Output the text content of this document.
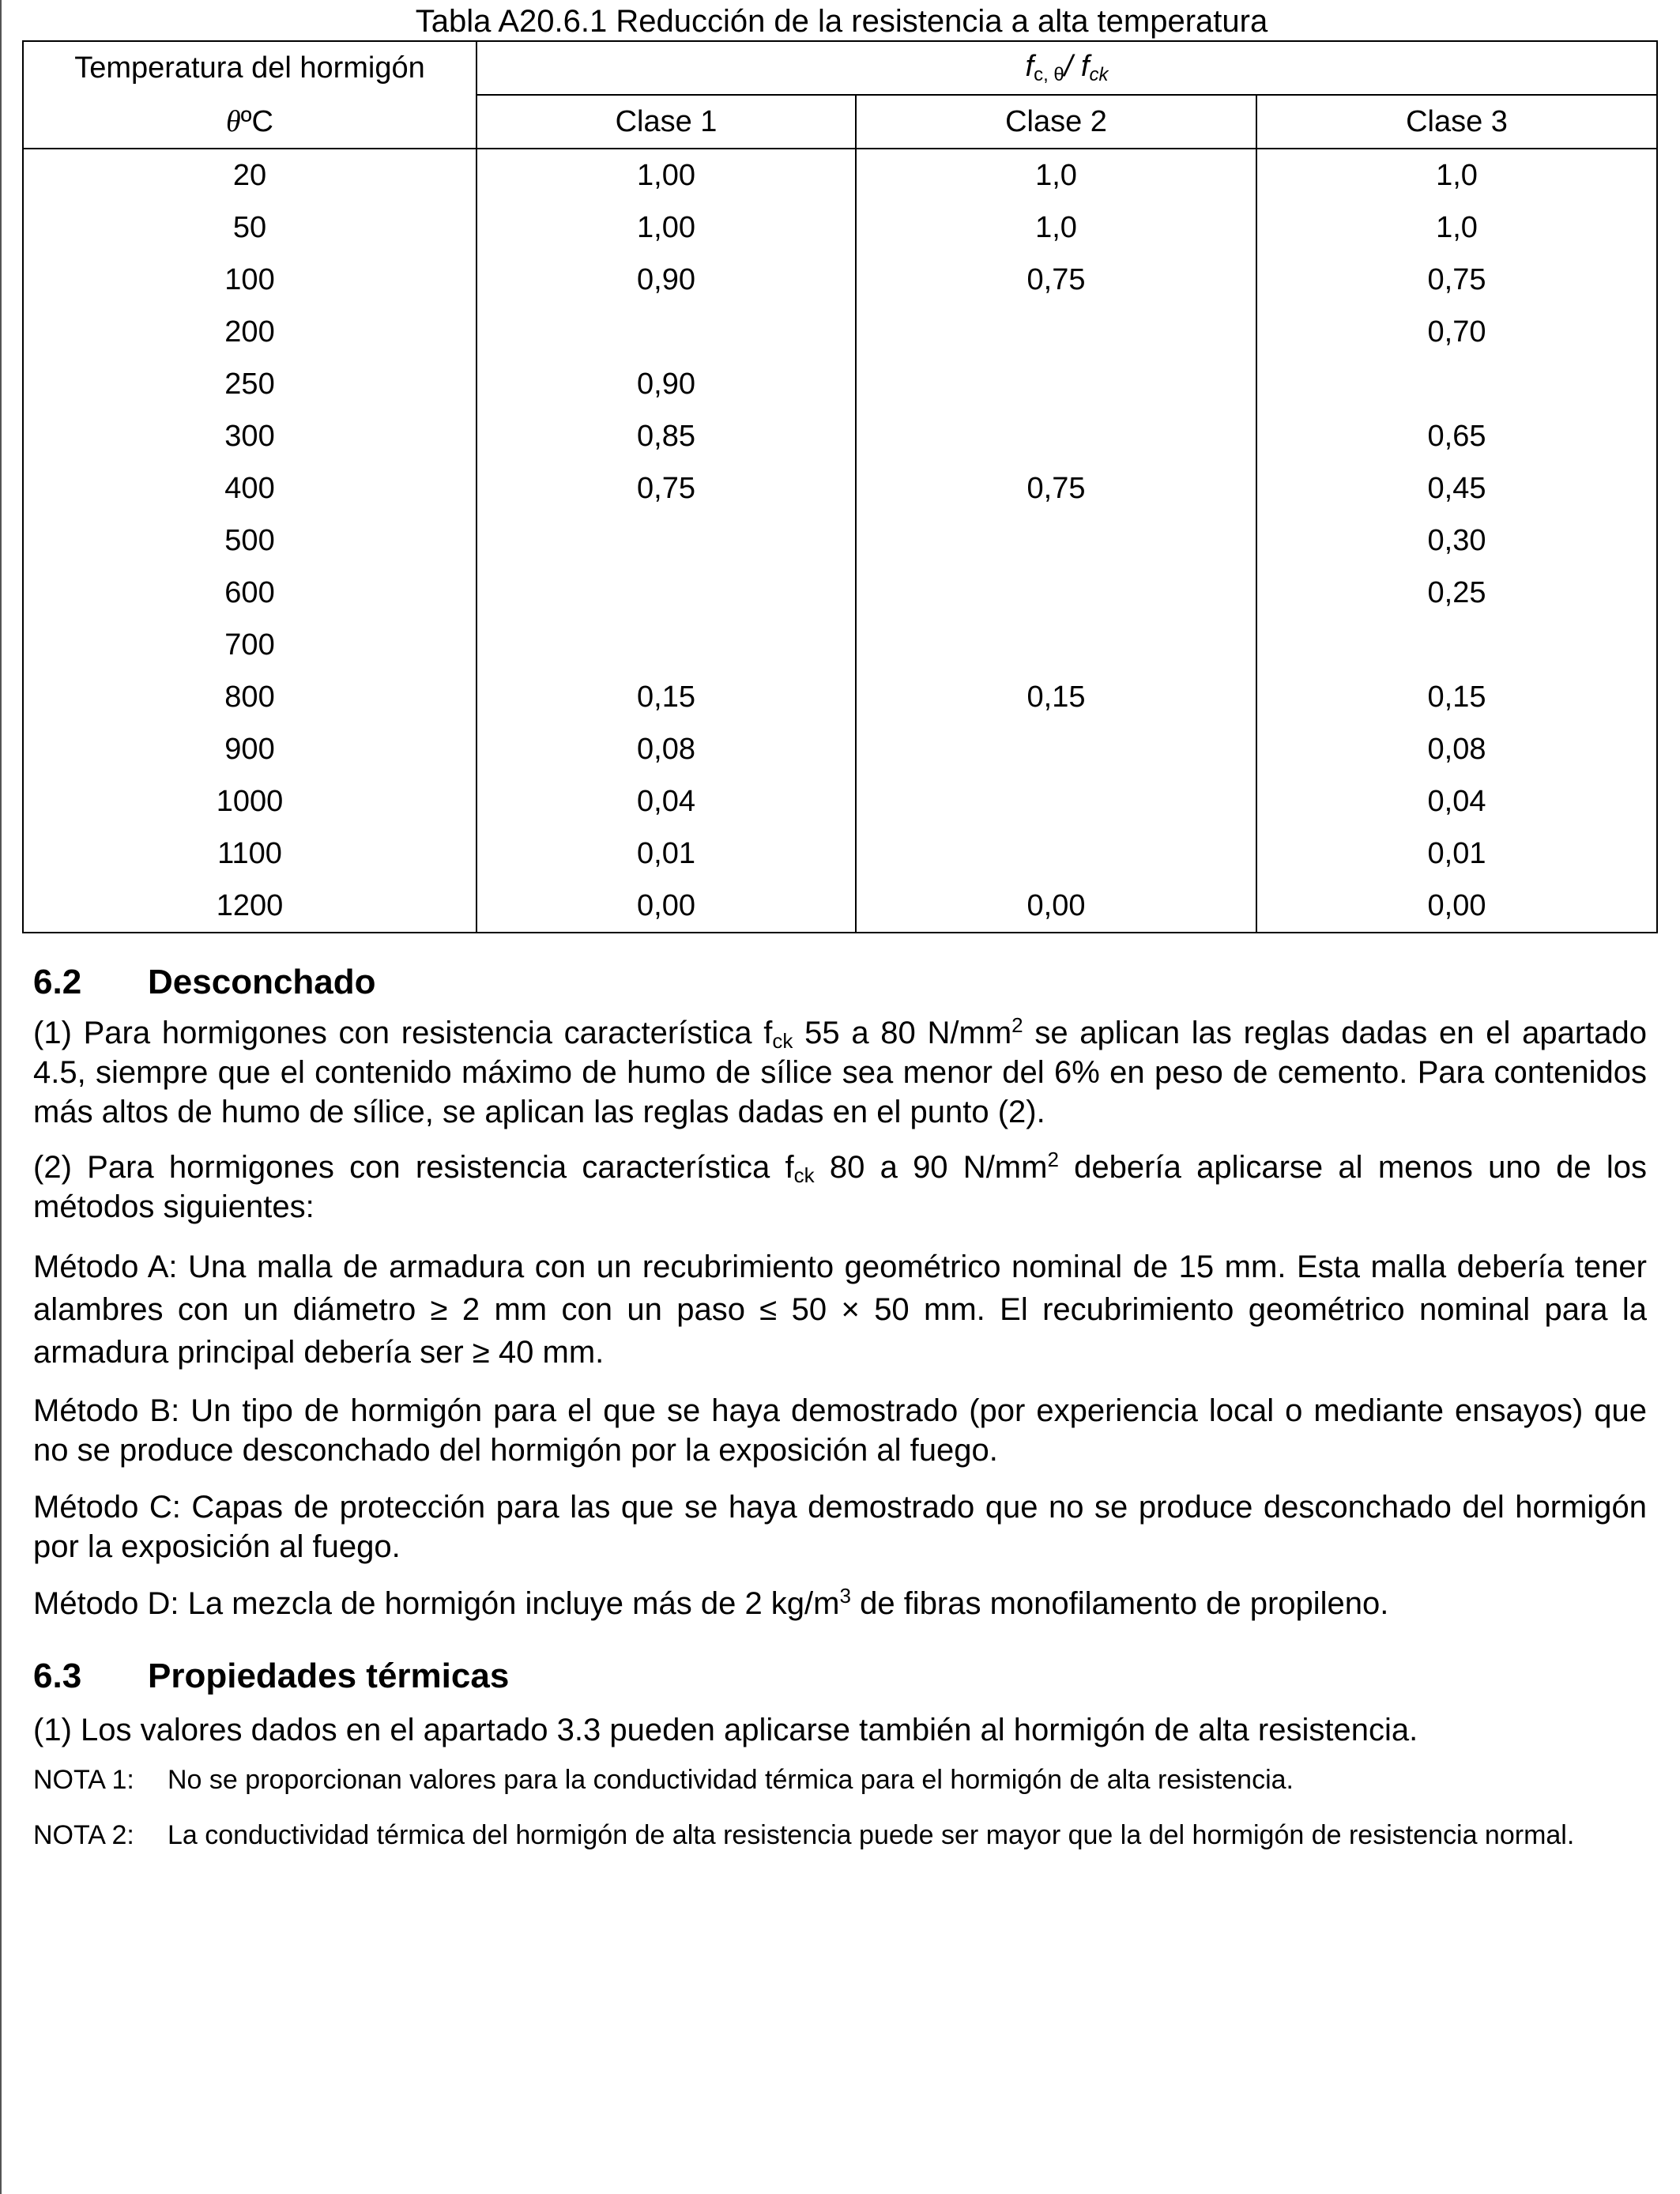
Tabla A20.6.1 Reducción de la resistencia a alta temperatura
Temperatura del hormigón	$f_{c, \theta}/$ $f_{ck}$
θºC	Clase 1	Clase 2	Clase 3
20	1,00	1,0	1,0
50	1,00	1,0	1,0
100	0,90	0,75	0,75
200			0,70
250	0,90		
300	0,85		0,65
400	0,75	0,75	0,45
500			0,30
600			0,25
700			
800	0,15	0,15	0,15
900	0,08		0,08
1000	0,04		0,04
1100	0,01		0,01
1200	0,00	0,00	0,00
6.2	Desconchado

(1) Para hormigones con resistencia característica fck 55 a 80 $N/mm^2$ se aplican las reglas dadas en el apartado 4.5, siempre que el contenido máximo de humo de sílice sea menor del 6% en peso de cemento. Para contenidos más altos de humo de sílice, se aplican las reglas dadas en el punto (2).

(2) Para hormigones con resistencia característica fck 80 a 90 $N/mm^2$ debería aplicarse al menos uno de los métodos siguientes:

Método A: Una malla de armadura con un recubrimiento geométrico nominal de 15 mm. Esta malla debería tener alambres con un diámetro ≥ 2 mm con un paso ≤ 50 × 50 mm. El recubrimiento geométrico nominal para la armadura principal debería ser ≥ 40 mm.

Método B: Un tipo de hormigón para el que se haya demostrado (por experiencia local o mediante ensayos) que no se produce desconchado del hormigón por la exposición al fuego.

Método C: Capas de protección para las que se haya demostrado que no se produce desconchado del hormigón por la exposición al fuego.

Método D: La mezcla de hormigón incluye más de 2 $kg/m^3$ de fibras monofilamento de propileno.

6.3	Propiedades térmicas

(1) Los valores dados en el apartado 3.3 pueden aplicarse también al hormigón de alta resistencia.

NOTA 1:	No se proporcionan valores para la conductividad térmica para el hormigón de alta resistencia.
NOTA 2:	La conductividad térmica del hormigón de alta resistencia puede ser mayor que la del hormigón de resistencia normal.
